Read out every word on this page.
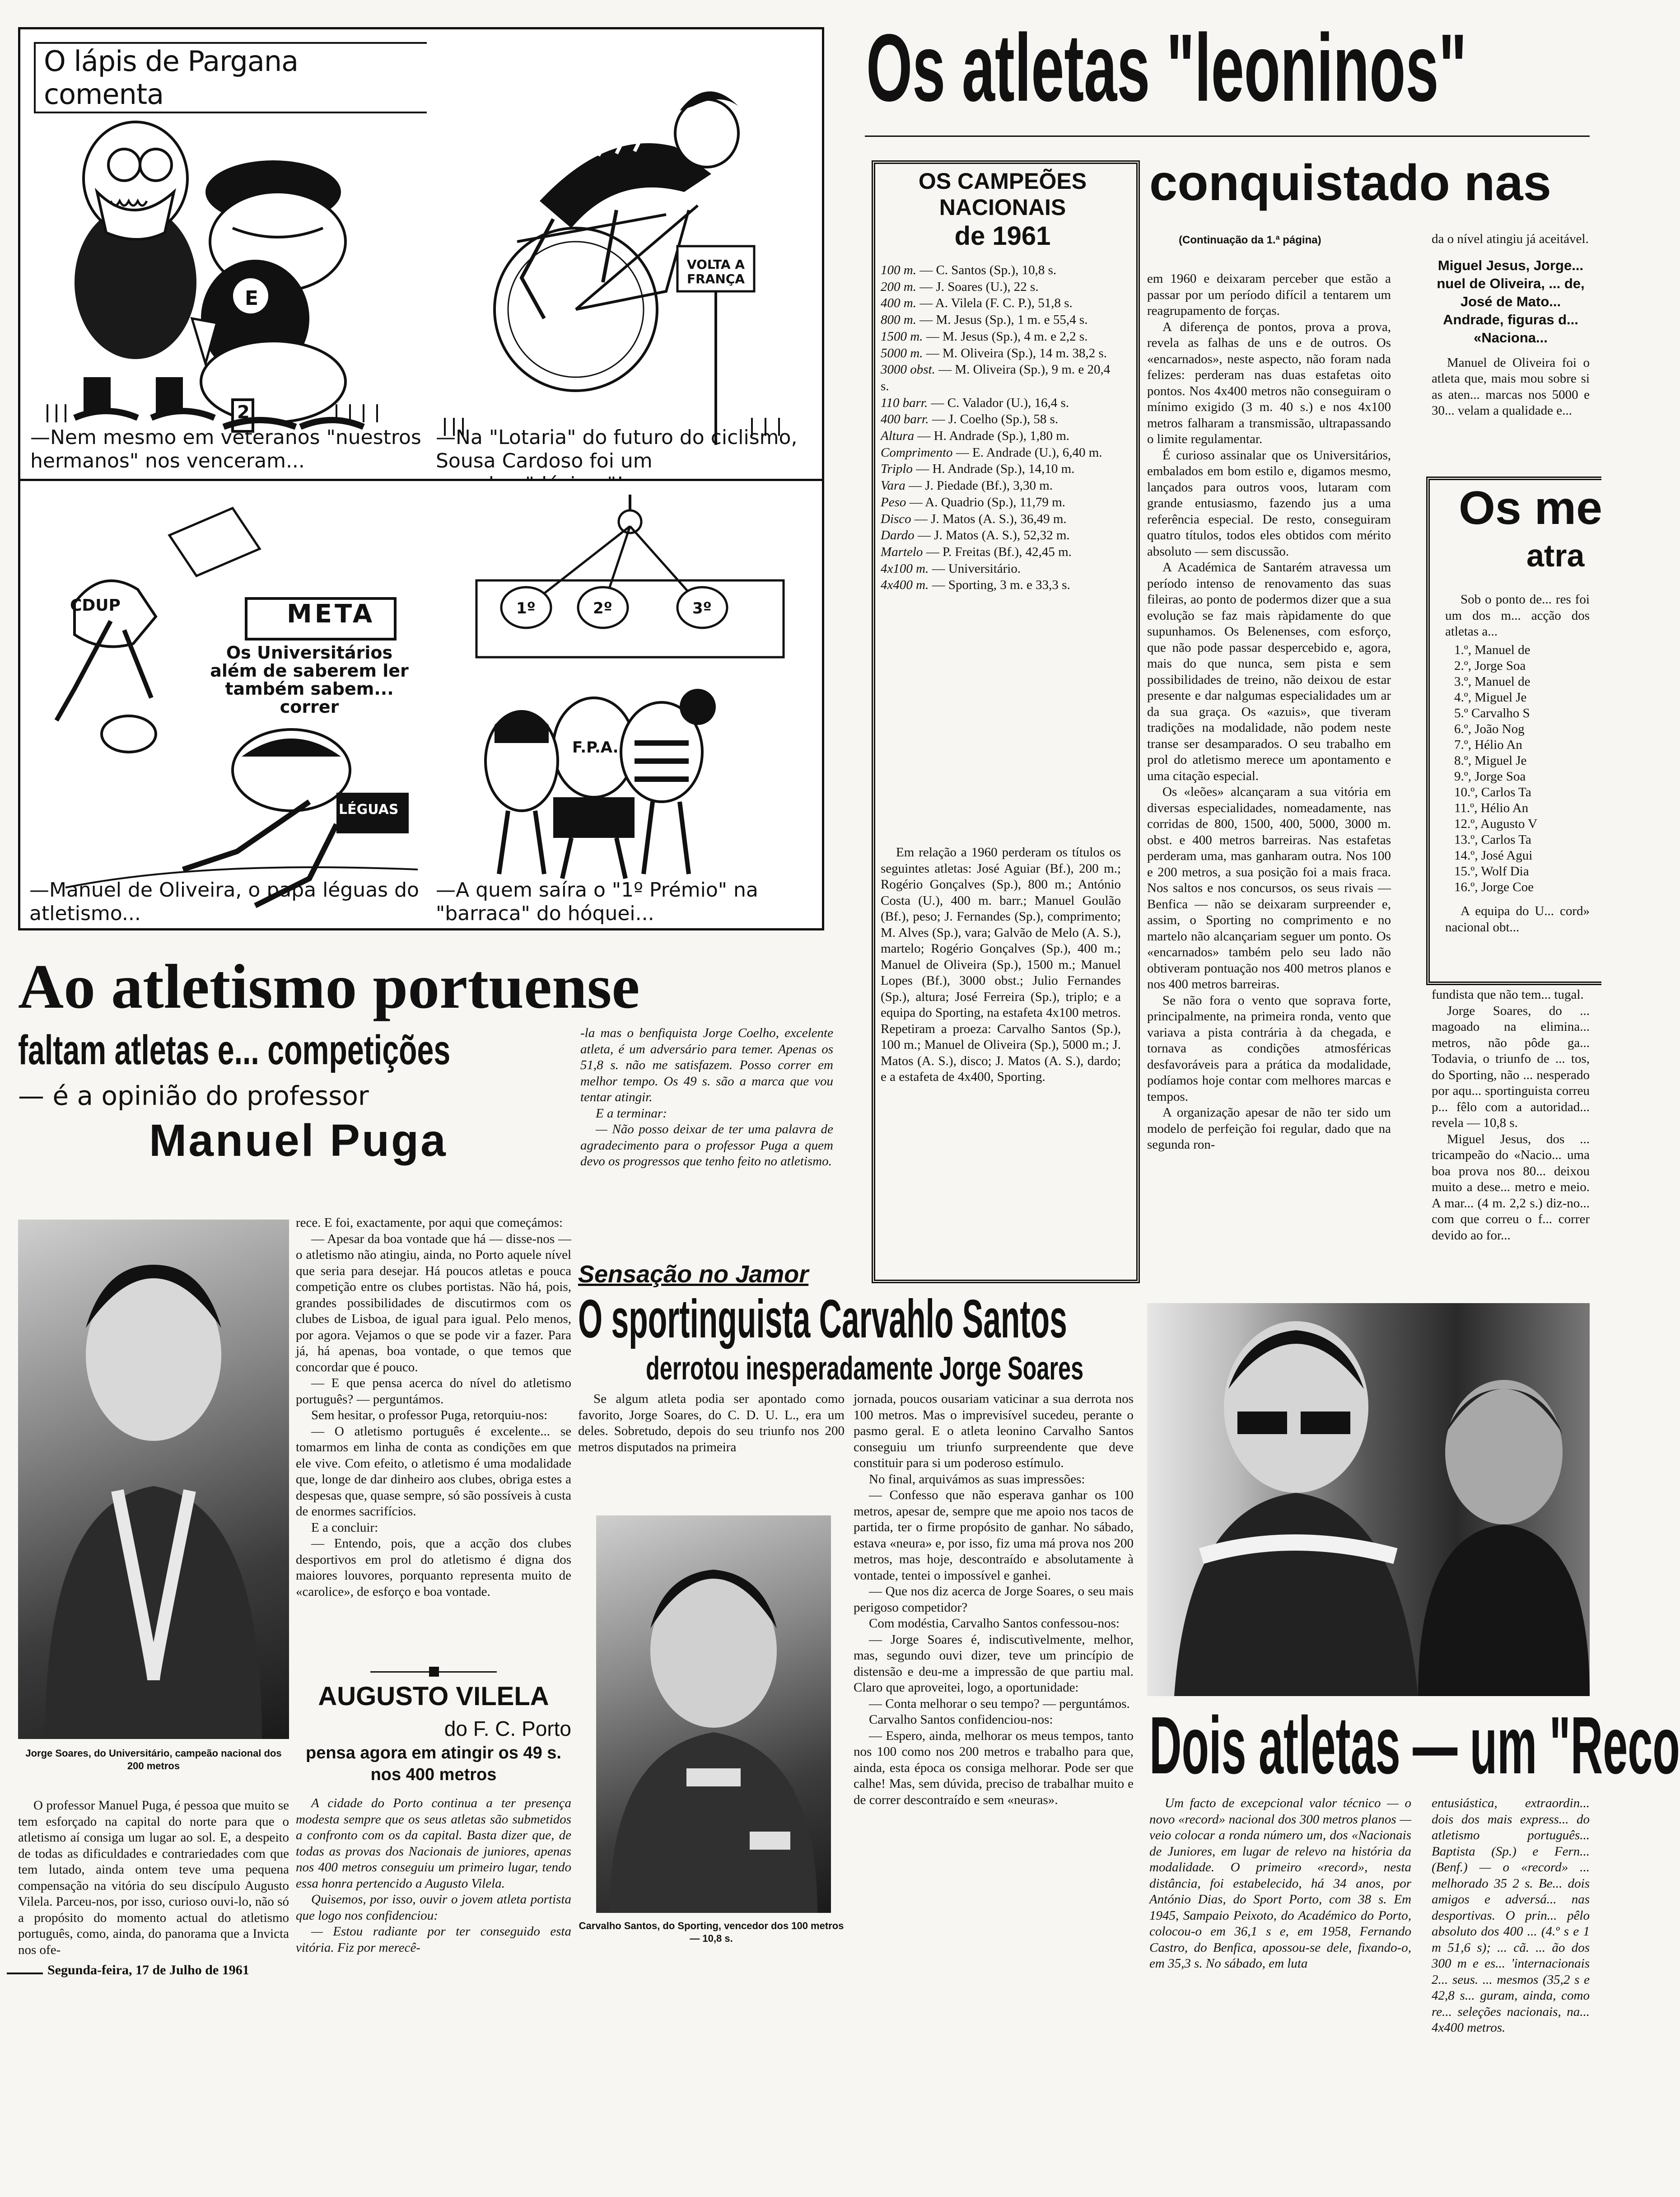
O lápis de Pargana comenta
2
E
2
—Nem mesmo em veteranos "nuestros hermanos" nos venceram...
VOLTA A FRANÇA
—Na "Lotaria" do futuro do ciclismo, Sousa Cardoso foi um
CDUP	META
Os Universitários além de saberem ler também sabem... correr
LÉGUAS
—Manuel de Oliveira, o papa léguas do atletismo...
1º	2º	3º
F.P.A.
—A quem saíra o "1º Prémio" na "barraca" do hóquei...
Os atletas "leoninos"
OS CAMPEÕES
NACIONAIS
de 1961
100 m. — C. Santos (Sp.), 10,8 s.
200 m. — J. Soares (U.), 22 s.
400 m. — A. Vilela (F. C. P.), 51,8 s.
800 m. — M. Jesus (Sp.), 1 m. e 55,4 s.
1500 m. — M. Jesus (Sp.), 4 m. e 2,2 s.
5000 m. — M. Oliveira (Sp.), 14 m. 38,2 s.
3000 obst. — M. Oliveira (Sp.), 9 m. e 20,4 s.
110 barr. — C. Valador (U.), 16,4 s.
400 barr. — J. Coelho (Sp.), 58 s.
Altura — H. Andrade (Sp.), 1,80 m.
Comprimento — E. Andrade (U.), 6,40 m.
Triplo — H. Andrade (Sp.), 14,10 m.
Vara — J. Piedade (Bf.), 3,30 m.
Peso — A. Quadrio (Sp.), 11,79 m.
Disco — J. Matos (A. S.), 36,49 m.
Dardo — J. Matos (A. S.), 52,32 m.
Martelo — P. Freitas (Bf.), 42,45 m.
4x100 m. — Universitário.
4x400 m. — Sporting, 3 m. e 33,3 s.

Em relação a 1960 perderam os títulos os seguintes atletas: José Aguiar (Bf.), 200 m.; Rogério Gonçalves (Sp.), 800 m.; António Costa (U.), 400 m. barr.; Manuel Goulão (Bf.), peso; J. Fernandes (Sp.), comprimento; M. Alves (Sp.), vara; Galvão de Melo (A. S.), martelo; Rogério Gonçalves (Sp.), 400 m.; Manuel de Oliveira (Sp.), 1500 m.; Manuel Lopes (Bf.), 3000 obst.; Julio Fernandes (Sp.), altura; José Ferreira (Sp.), triplo; e a equipa do Sporting, na estafeta 4x100 metros. Repetiram a proeza: Carvalho Santos (Sp.), 100 m.; Manuel de Oliveira (Sp.), 5000 m.; J. Matos (A. S.), disco; J. Matos (A. S.), dardo; e a estafeta de 4x400, Sporting.

conquistado nas
(Continuação da 1.ª página)

em 1960 e deixaram perceber que estão a passar por um período difícil a tentarem um reagrupamento de forças.

A diferença de pontos, prova a prova, revela as falhas de uns e de outros. Os «encarnados», neste aspecto, não foram nada felizes: perderam nas duas estafetas oito pontos. Nos 4x400 metros não conseguiram o mínimo exigido (3 m. 40 s.) e nos 4x100 metros falharam a transmissão, ultrapassando o limite regulamentar.

É curioso assinalar que os Universitários, embalados em bom estilo e, digamos mesmo, lançados para outros voos, lutaram com grande entusiasmo, fazendo jus a uma referência especial. De resto, conseguiram quatro títulos, todos eles obtidos com mérito absoluto — sem discussão.

A Académica de Santarém atravessa um período intenso de renovamento das suas fileiras, ao ponto de podermos dizer que a sua evolução se faz mais ràpidamente do que supunhamos. Os Belenenses, com esforço, que não pode passar despercebido e, agora, mais do que nunca, sem pista e sem possibilidades de treino, não deixou de estar presente e dar nalgumas especialidades um ar da sua graça. Os «azuis», que tiveram tradições na modalidade, não podem neste transe ser desamparados. O seu trabalho em prol do atletismo merece um apontamento e uma citação especial.

Os «leões» alcançaram a sua vitória em diversas especialidades, nomeadamente, nas corridas de 800, 1500, 400, 5000, 3000 m. obst. e 400 metros barreiras. Nas estafetas perderam uma, mas ganharam outra. Nos 100 e 200 metros, a sua posição foi a mais fraca. Nos saltos e nos concursos, os seus rivais — Benfica — não se deixaram surpreender e, assim, o Sporting no comprimento e no martelo não alcançariam seguer um ponto. Os «encarnados» também pelo seu lado não obtiveram pontuação nos 400 metros planos e nos 400 metros barreiras.

Se não fora o vento que soprava forte, principalmente, na primeira ronda, vento que variava a pista contrária à da chegada, e tornava as condições atmosféricas desfavoráveis para a prática da modalidade, podíamos hoje contar com melhores marcas e tempos.

A organização apesar de não ter sido um modelo de perfeição foi regular, dado que na segunda ron-

da o nível atingiu já aceitável.

Miguel Jesus, Jorge... nuel de Oliveira, ... de, José de Mato... Andrade, figuras d... «Naciona...

Manuel de Oliveira foi o atleta que, mais mou sobre si as aten... marcas nos 5000 e 30... velam a qualidade e...

Os me
atra

Sob o ponto de... res foi um dos m... acção dos atletas a...

1.º, Manuel de
2.º, Jorge Soa
3.º, Manuel de
4.º, Miguel Je
5.º Carvalho S
6.º, João Nog
7.º, Hélio An
8.º, Miguel Je
9.º, Jorge Soa
10.º, Carlos Ta
11.º, Hélio An
12.º, Augusto V
13.º, Carlos Ta
14.º, José Agui
15.º, Wolf Dia
16.º, Jorge Coe

A equipa do U... cord» nacional obt...

fundista que não tem... tugal.

Jorge Soares, do ... magoado na elimina... metros, não pôde ga... Todavia, o triunfo de ... tos, do Sporting, não ... nesperado por aqu... sportinguista correu p... fêlo com a autoridad... revela — 10,8 s.

Miguel Jesus, dos ... tricampeão do «Nacio... uma boa prova nos 80... deixou muito a dese... metro e meio. A mar... (4 m. 2,2 s.) diz-no... com que correu o f... correr devido ao for...

Ao atletismo portuense
faltam atletas e... competições
— é a opinião do professor
Manuel Puga
Jorge Soares, do Universitário, campeão nacional dos 200 metros

O professor Manuel Puga, é pessoa que muito se tem esforçado na capital do norte para que o atletismo aí consiga um lugar ao sol. E, a despeito de todas as dificuldades e contrariedades com que tem lutado, ainda ontem teve uma pequena compensação na vitória do seu discípulo Augusto Vilela. Parceu-nos, por isso, curioso ouvi-lo, não só a propósito do momento actual do atletismo português, como, ainda, do panorama que a Invicta nos ofe-

rece. E foi, exactamente, por aqui que começámos:

— Apesar da boa vontade que há — disse-nos — o atletismo não atingiu, ainda, no Porto aquele nível que seria para desejar. Há poucos atletas e pouca competição entre os clubes portistas. Não há, pois, grandes possibilidades de discutirmos com os clubes de Lisboa, de igual para igual. Pelo menos, por agora. Vejamos o que se pode vir a fazer. Para já, há apenas, boa vontade, o que temos que concordar que é pouco.

— E que pensa acerca do nível do atletismo português? — perguntámos.

Sem hesitar, o professor Puga, retorquiu-nos:

— O atletismo português é excelente... se tomarmos em linha de conta as condições em que ele vive. Com efeito, o atletismo é uma modalidade que, longe de dar dinheiro aos clubes, obriga estes a despesas que, quase sempre, só são possíveis à custa de enormes sacrifícios.

E a concluir:

— Entendo, pois, que a acção dos clubes desportivos em prol do atletismo é digna dos maiores louvores, porquanto representa muito de «carolice», de esforço e boa vontade.

-la mas o benfiquista Jorge Coelho, excelente atleta, é um adversário para temer. Apenas os 51,8 s. não me satisfazem. Posso correr em melhor tempo. Os 49 s. são a marca que vou tentar atingir.

E a terminar:

— Não posso deixar de ter uma palavra de agradecimento para o professor Puga a quem devo os progressos que tenho feito no atletismo.

AUGUSTO VILELA
do F. C. Porto
pensa agora em atingir os 49 s.
nos 400 metros

A cidade do Porto continua a ter presença modesta sempre que os seus atletas são submetidos a confronto com os da capital. Basta dizer que, de todas as provas dos Nacionais de juniores, apenas nos 400 metros conseguiu um primeiro lugar, tendo essa honra pertencido a Augusto Vilela.

Quisemos, por isso, ouvir o jovem atleta portista que logo nos confidenciou:

— Estou radiante por ter conseguido esta vitória. Fiz por merecê-

Sensação no Jamor
O sportinguista Carvahlo Santos
derrotou inesperadamente Jorge Soares

Se algum atleta podia ser apontado como favorito, Jorge Soares, do C. D. U. L., era um deles. Sobretudo, depois do seu triunfo nos 200 metros disputados na primeira

Carvalho Santos, do Sporting, vencedor dos 100 metros — 10,8 s.

jornada, poucos ousariam vaticinar a sua derrota nos 100 metros. Mas o imprevisível sucedeu, perante o pasmo geral. E o atleta leonino Carvalho Santos conseguiu um triunfo surpreendente que deve constituir para si um poderoso estímulo.

No final, arquivámos as suas impressões:

— Confesso que não esperava ganhar os 100 metros, apesar de, sempre que me apoio nos tacos de partida, ter o firme propósito de ganhar. No sábado, estava «neura» e, por isso, fiz uma má prova nos 200 metros, mas hoje, descontraído e absolutamente à vontade, tentei o impossível e ganhei.

— Que nos diz acerca de Jorge Soares, o seu mais perigoso competidor?

Com modéstia, Carvalho Santos confessou-nos:

— Jorge Soares é, indiscutìvelmente, melhor, mas, segundo ouvi dizer, teve um princípio de distensão e deu-me a impressão de que partiu mal. Claro que aproveitei, logo, a oportunidade:

— Conta melhorar o seu tempo? — perguntámos.

Carvalho Santos confidenciou-nos:

— Espero, ainda, melhorar os meus tempos, tanto nos 100 como nos 200 metros e trabalho para que, ainda, esta época os consiga melhorar. Pode ser que calhe! Mas, sem dúvida, preciso de trabalhar muito e de correr descontraído e sem «neuras».

Dois atletas — um "Reco

Um facto de excepcional valor técnico — o novo «record» nacional dos 300 metros planos — veio colocar a ronda número um, dos «Nacionais de Juniores, em lugar de relevo na história da modalidade. O primeiro «record», nesta distância, foi estabelecido, há 34 anos, por António Dias, do Sport Porto, com 38 s. Em 1945, Sampaio Peixoto, do Académico do Porto, colocou-o em 36,1 s e, em 1958, Fernando Castro, do Benfica, apossou-se dele, fixando-o, em 35,3 s. No sábado, em luta

entusiástica, extraordin... dois dos mais express... do atletismo português... Baptista (Sp.) e Fern... (Benf.) — o «record» ... melhorado 35 2 s. Be... dois amigos e adversá... nas desportivas. O prin... pêlo absoluto dos 400 ... (4.º s e 1 m 51,6 s); ... cã. ... ão dos 300 m e es... 'internacionais 2... seus. ... mesmos (35,2 s e 42,8 s... guram, ainda, como re... seleções nacionais, na... 4x400 metros.

Segunda-feira, 17 de Julho de 1961
